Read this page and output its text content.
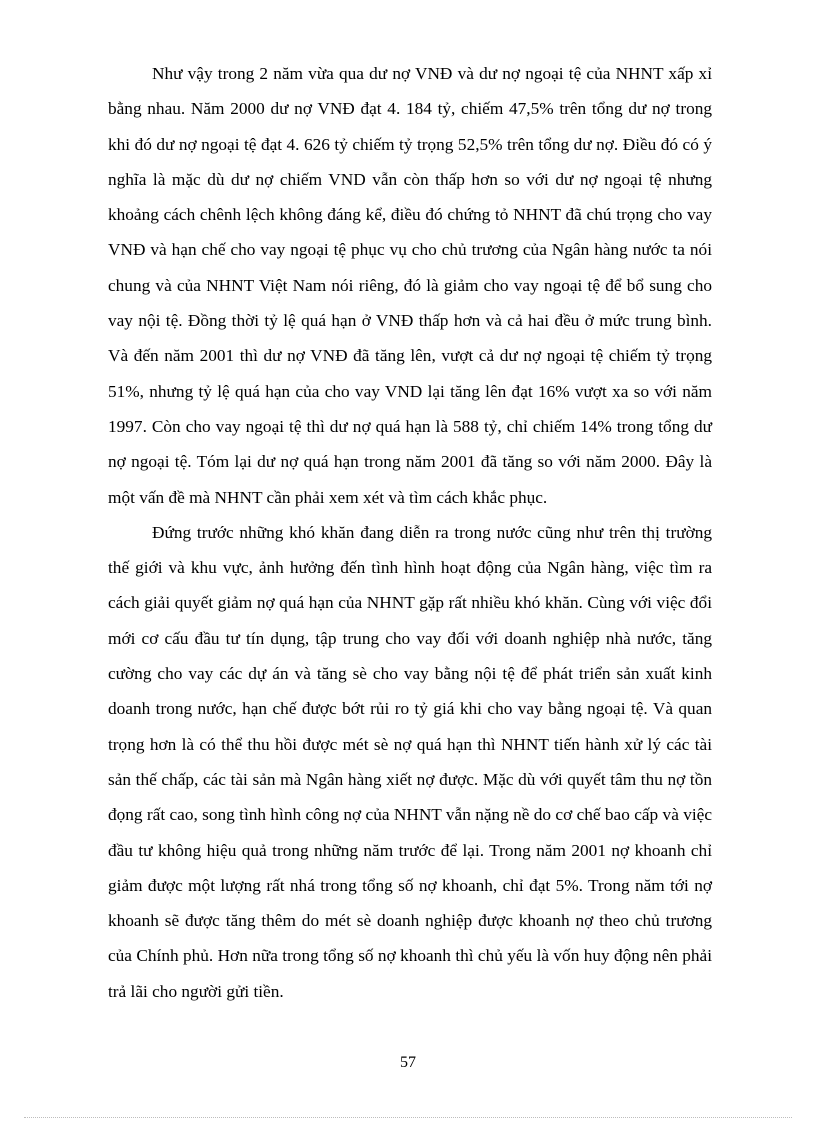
Như vậy trong 2 năm vừa qua dư nợ VNĐ và dư nợ ngoại tệ của NHNT xấp xỉ bằng nhau. Năm 2000 dư nợ VNĐ đạt 4. 184 tỷ, chiếm 47,5% trên tổng dư nợ trong khi đó dư nợ ngoại tệ đạt 4. 626 tỷ chiếm tỷ trọng 52,5% trên tổng dư nợ. Điều đó có ý nghĩa là mặc dù dư nợ chiếm VND vẫn còn thấp hơn so với dư nợ ngoại tệ nhưng khoảng cách chênh lệch không đáng kể, điều đó chứng tỏ NHNT đã chú trọng cho vay VNĐ và hạn chế cho vay ngoại tệ phục vụ cho chủ trương của Ngân hàng nước ta nói chung và của NHNT Việt Nam nói riêng, đó là giảm cho vay ngoại tệ để bổ sung cho vay nội tệ. Đồng thời tỷ lệ quá hạn ở VNĐ thấp hơn và cả hai đều ở mức trung bình. Và đến năm 2001 thì dư nợ VNĐ đã tăng lên, vượt cả dư nợ ngoại tệ chiếm tỷ trọng 51%, nhưng tỷ lệ quá hạn của cho vay VND lại tăng lên đạt 16% vượt xa so với năm 1997. Còn cho vay ngoại tệ thì dư nợ quá hạn là 588 tỷ, chỉ chiếm 14% trong tổng dư nợ ngoại tệ. Tóm lại dư nợ quá hạn trong năm 2001 đã tăng so với năm 2000. Đây là một vấn đề mà NHNT cần phải xem xét và tìm cách khắc phục.

Đứng trước những khó khăn đang diễn ra trong nước cũng như trên thị trường thế giới và khu vực, ảnh hưởng đến tình hình hoạt động của Ngân hàng, việc tìm ra cách giải quyết giảm nợ quá hạn của NHNT gặp rất nhiều khó khăn. Cùng với việc đổi mới cơ cấu đầu tư tín dụng, tập trung cho vay đối với doanh nghiệp nhà nước, tăng cường cho vay các dự án và tăng sè cho vay bằng nội tệ để phát triển sản xuất kinh doanh trong nước, hạn chế được bớt rủi ro tỷ giá khi cho vay bằng ngoại tệ. Và quan trọng hơn là có thể thu hồi được mét sè nợ quá hạn thì NHNT tiến hành xử lý các tài sản thế chấp, các tài sản mà Ngân hàng xiết nợ được. Mặc dù với quyết tâm thu nợ tồn đọng rất cao, song tình hình công nợ của NHNT vẫn nặng nề do cơ chế bao cấp và việc đầu tư không hiệu quả trong những năm trước để lại. Trong năm 2001 nợ khoanh chỉ giảm được một lượng rất nhá trong tổng số nợ khoanh, chỉ đạt 5%. Trong năm tới nợ khoanh sẽ được tăng thêm do mét sè doanh nghiệp được khoanh nợ theo chủ trương của Chính phủ. Hơn nữa trong tổng số nợ khoanh thì chủ yếu là vốn huy động nên phải trả lãi cho người gửi tiền.

57
